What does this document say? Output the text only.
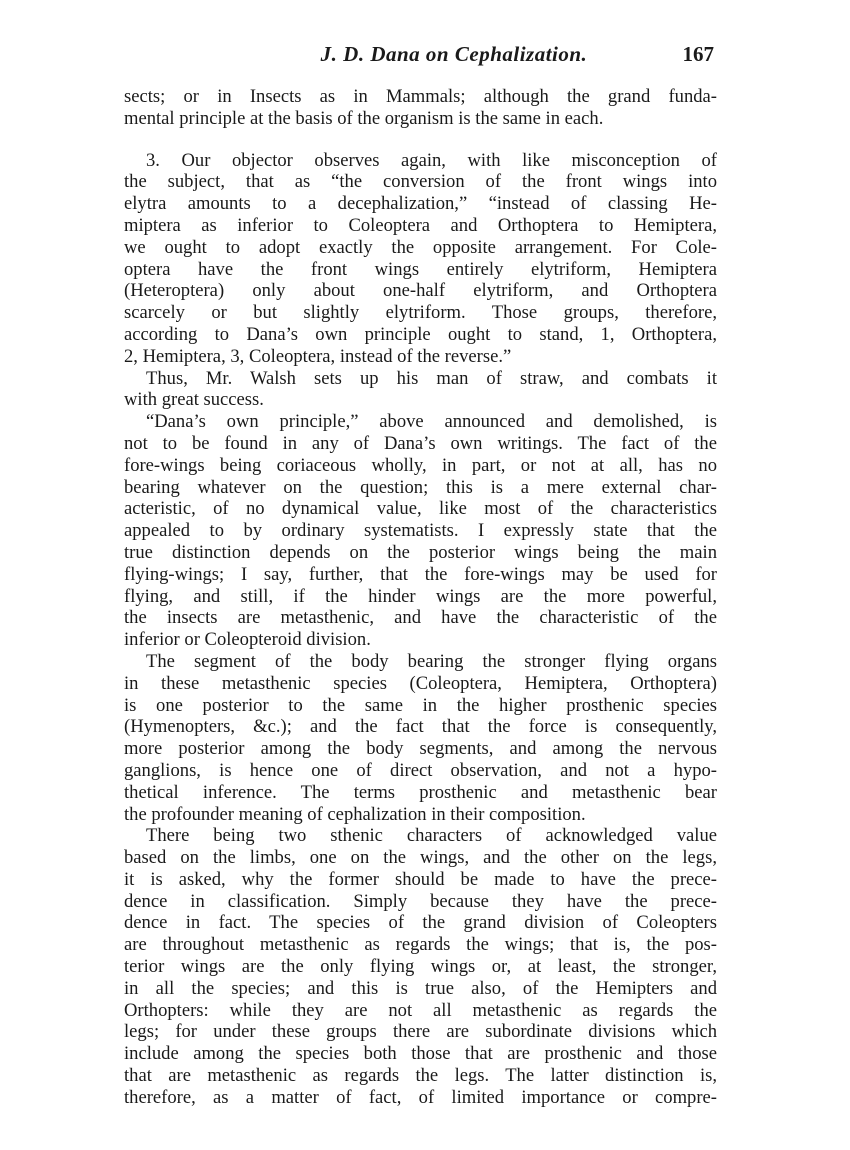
J. D. Dana on Cephalization.	167

sects; or in Insects as in Mammals; although the grand funda-
mental principle at the basis of the organism is the same in each.

3. Our objector observes again, with like misconception of
the subject, that as “the conversion of the front wings into
elytra amounts to a decephalization,” “instead of classing He-
miptera as inferior to Coleoptera and Orthoptera to Hemiptera,
we ought to adopt exactly the opposite arrangement. For Cole-
optera have the front wings entirely elytriform, Hemiptera
(Heteroptera) only about one-half elytriform, and Orthoptera
scarcely or but slightly elytriform. Those groups, therefore,
according to Dana’s own principle ought to stand, 1, Orthoptera,
2, Hemiptera, 3, Coleoptera, instead of the reverse.”

Thus, Mr. Walsh sets up his man of straw, and combats it
with great success.

“Dana’s own principle,” above announced and demolished, is
not to be found in any of Dana’s own writings. The fact of the
fore-wings being coriaceous wholly, in part, or not at all, has no
bearing whatever on the question; this is a mere external char-
acteristic, of no dynamical value, like most of the characteristics
appealed to by ordinary systematists. I expressly state that the
true distinction depends on the posterior wings being the main
flying-wings; I say, further, that the fore-wings may be used for
flying, and still, if the hinder wings are the more powerful,
the insects are metasthenic, and have the characteristic of the
inferior or Coleopteroid division.

The segment of the body bearing the stronger flying organs
in these metasthenic species (Coleoptera, Hemiptera, Orthoptera)
is one posterior to the same in the higher prosthenic species
(Hymenopters, &c.); and the fact that the force is consequently,
more posterior among the body segments, and among the nervous
ganglions, is hence one of direct observation, and not a hypo-
thetical inference. The terms prosthenic and metasthenic bear
the profounder meaning of cephalization in their composition.

There being two sthenic characters of acknowledged value
based on the limbs, one on the wings, and the other on the legs,
it is asked, why the former should be made to have the prece-
dence in classification. Simply because they have the prece-
dence in fact. The species of the grand division of Coleopters
are throughout metasthenic as regards the wings; that is, the pos-
terior wings are the only flying wings or, at least, the stronger,
in all the species; and this is true also, of the Hemipters and
Orthopters: while they are not all metasthenic as regards the
legs; for under these groups there are subordinate divisions which
include among the species both those that are prosthenic and those
that are metasthenic as regards the legs. The latter distinction is,
therefore, as a matter of fact, of limited importance or compre-
